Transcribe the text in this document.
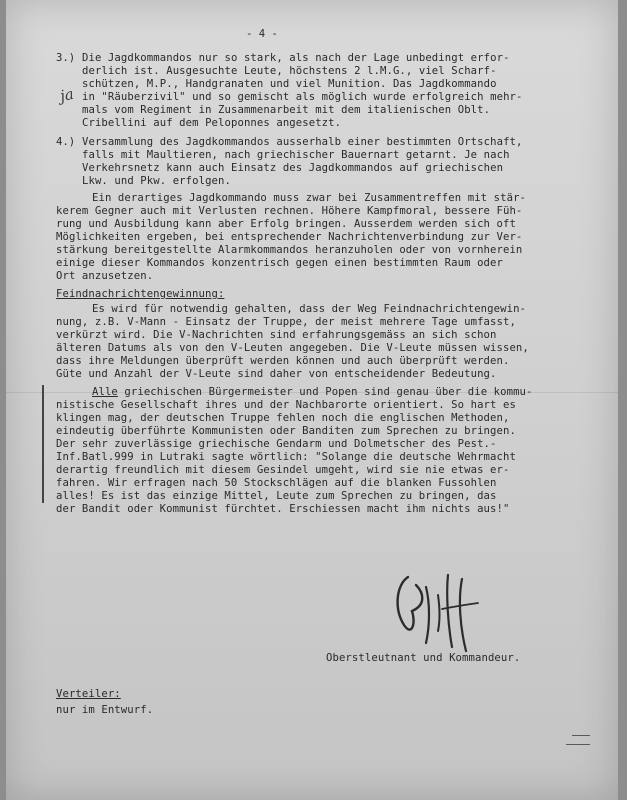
- 4 -
3.) Die Jagdkommandos nur so stark, als nach der Lage unbedingt erfor-
derlich ist. Ausgesuchte Leute, höchstens 2 l.M.G., viel Scharf-
schützen, M.P., Handgranaten und viel Munition. Das Jagdkommando
in "Räuberzivil" und so gemischt als möglich wurde erfolgreich mehr-
mals vom Regiment in Zusammenarbeit mit dem italienischen Oblt.
Cribellini auf dem Peloponnes angesetzt.
ja
4.) Versammlung des Jagdkommandos ausserhalb einer bestimmten Ortschaft,
falls mit Maultieren, nach griechischer Bauernart getarnt. Je nach
Verkehrsnetz kann auch Einsatz des Jagdkommandos auf griechischen
Lkw. und Pkw. erfolgen.
Ein derartiges Jagdkommando muss zwar bei Zusammentreffen mit stär-
kerem Gegner auch mit Verlusten rechnen. Höhere Kampfmoral, bessere Füh-
rung und Ausbildung kann aber Erfolg bringen. Ausserdem werden sich oft
Möglichkeiten ergeben, bei entsprechender Nachrichtenverbindung zur Ver-
stärkung bereitgestellte Alarmkommandos heranzuholen oder von vornherein
einige dieser Kommandos konzentrisch gegen einen bestimmten Raum oder
Ort anzusetzen.
Feindnachrichtengewinnung:
Es wird für notwendig gehalten, dass der Weg Feindnachrichtengewin-
nung, z.B. V-Mann - Einsatz der Truppe, der meist mehrere Tage umfasst,
verkürzt wird. Die V-Nachrichten sind erfahrungsgemäss an sich schon
älteren Datums als von den V-Leuten angegeben. Die V-Leute müssen wissen,
dass ihre Meldungen überprüft werden können und auch überprüft werden.
Güte und Anzahl der V-Leute sind daher von entscheidender Bedeutung.
Alle griechischen Bürgermeister und Popen sind genau über die kommu-
nistische Gesellschaft ihres und der Nachbarorte orientiert. So hart es
klingen mag, der deutschen Truppe fehlen noch die englischen Methoden,
eindeutig überführte Kommunisten oder Banditen zum Sprechen zu bringen.
Der sehr zuverlässige griechische Gendarm und Dolmetscher des Pest.-
Inf.Batl.999 in Lutraki sagte wörtlich: "Solange die deutsche Wehrmacht
derartig freundlich mit diesem Gesindel umgeht, wird sie nie etwas er-
fahren. Wir erfragen nach 50 Stockschlägen auf die blanken Fussohlen
alles! Es ist das einzige Mittel, Leute zum Sprechen zu bringen, das
der Bandit oder Kommunist fürchtet. Erschiessen macht ihm nichts aus!"
Oberstleutnant und Kommandeur.
Verteiler:
nur im Entwurf.
